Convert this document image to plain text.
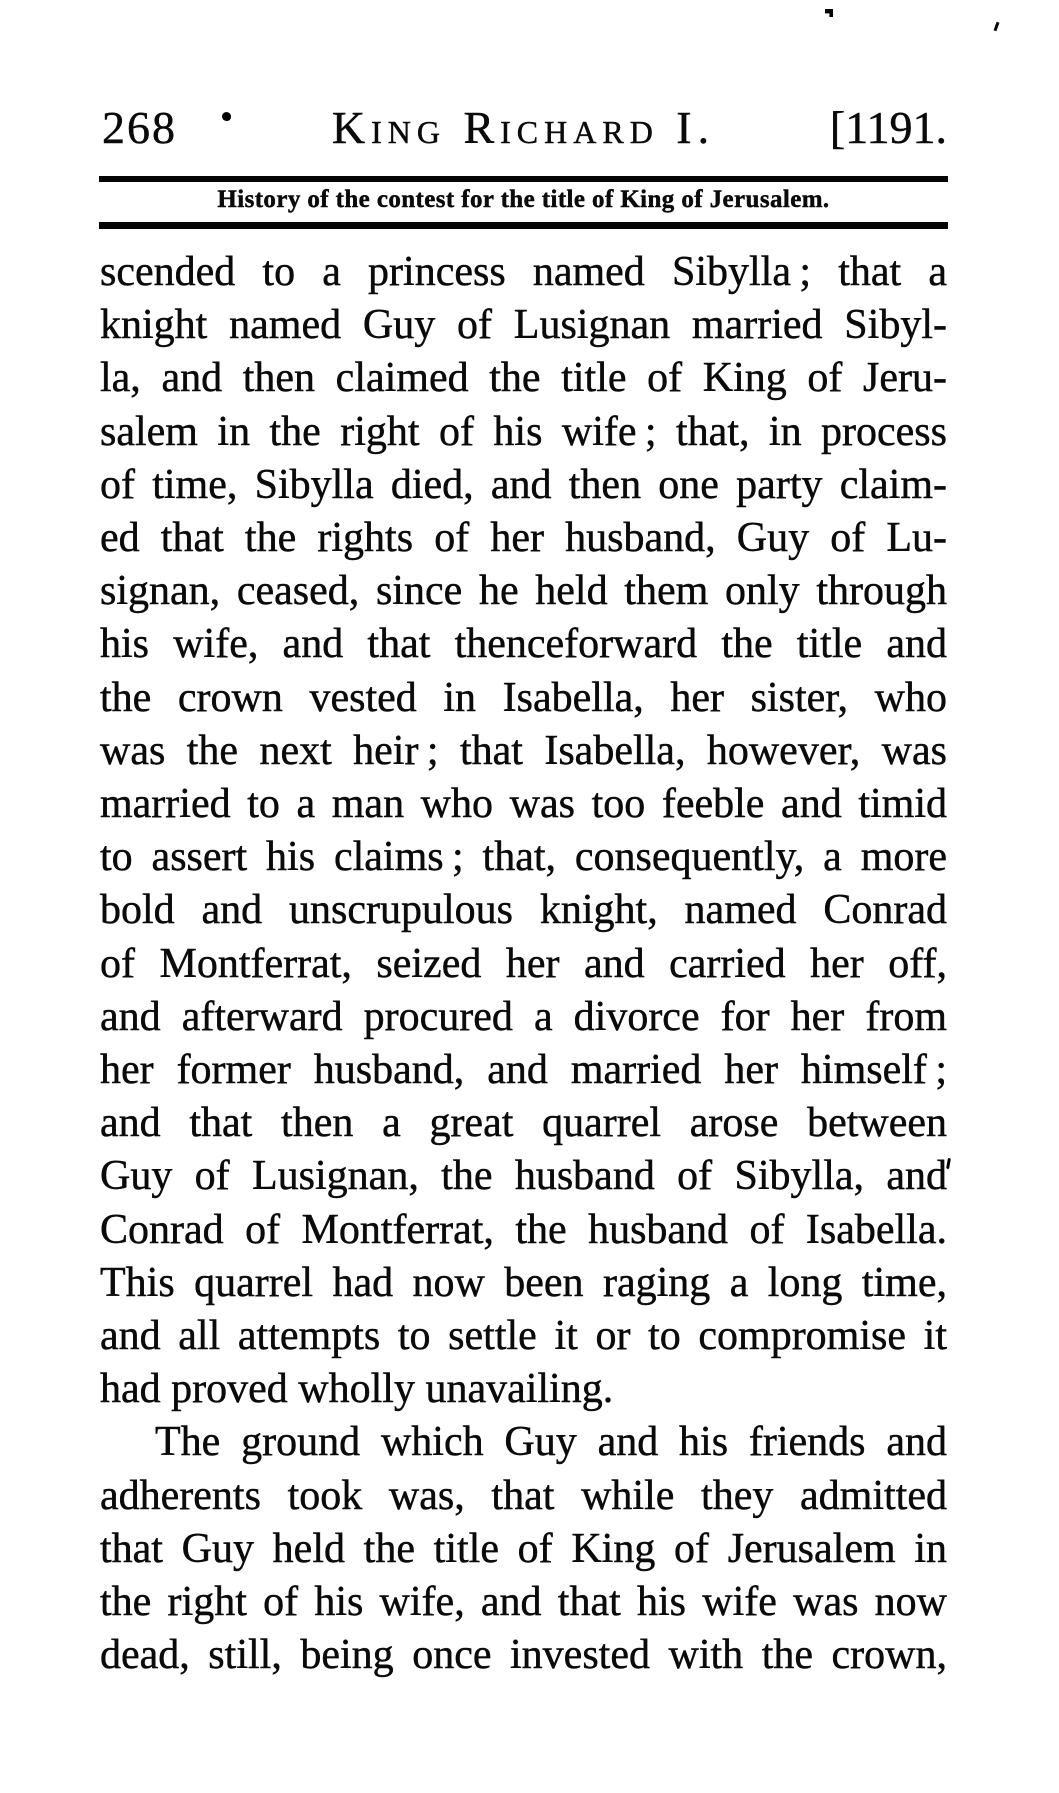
268	King Richard I.	[1191.
History of the contest for the title of King of Jerusalem.
scended to a princess named Sibylla ; that a
knight named Guy of Lusignan married Sibyl-
la, and then claimed the title of King of Jeru-
salem in the right of his wife ; that, in process
of time, Sibylla died, and then one party claim-
ed that the rights of her husband, Guy of Lu-
signan, ceased, since he held them only through
his wife, and that thenceforward the title and
the crown vested in Isabella, her sister, who
was the next heir ; that Isabella, however, was
married to a man who was too feeble and timid
to assert his claims ; that, consequently, a more
bold and unscrupulous knight, named Conrad
of Montferrat, seized her and carried her off,
and afterward procured a divorce for her from
her former husband, and married her himself ;
and that then a great quarrel arose between
Guy of Lusignan, the husband of Sibylla, and
Conrad of Montferrat, the husband of Isabella.
This quarrel had now been raging a long time,
and all attempts to settle it or to compromise it
had proved wholly unavailing.
The ground which Guy and his friends and
adherents took was, that while they admitted
that Guy held the title of King of Jerusalem in
the right of his wife, and that his wife was now
dead, still, being once invested with the crown,
